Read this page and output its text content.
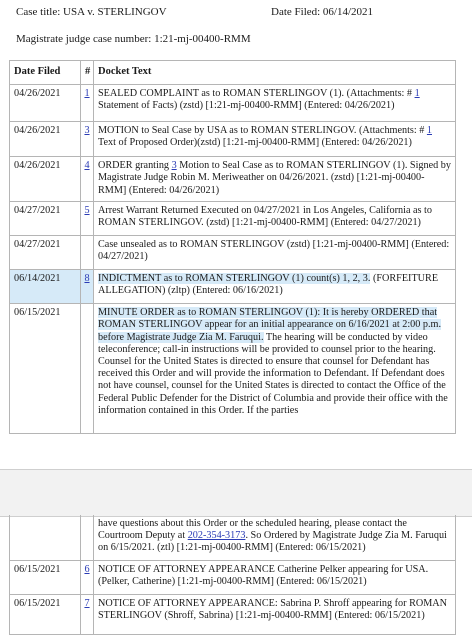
Case title: USA v. STERLINGOV	Date Filed: 06/14/2021
Magistrate judge case number: 1:21-mj-00400-RMM
Date Filed	#	Docket Text
04/26/2021	1	SEALED COMPLAINT as to ROMAN STERLINGOV (1). (Attachments: # 1 Statement of Facts) (zstd) [1:21-mj-00400-RMM] (Entered: 04/26/2021)
04/26/2021	3	MOTION to Seal Case by USA as to ROMAN STERLINGOV. (Attachments: # 1 Text of Proposed Order)(zstd) [1:21-mj-00400-RMM] (Entered: 04/26/2021)
04/26/2021	4	ORDER granting 3 Motion to Seal Case as to ROMAN STERLINGOV (1). Signed by Magistrate Judge Robin M. Meriweather on 04/26/2021. (zstd) [1:21-mj-00400-RMM] (Entered: 04/26/2021)
04/27/2021	5	Arrest Warrant Returned Executed on 04/27/2021 in Los Angeles, California as to ROMAN STERLINGOV. (zstd) [1:21-mj-00400-RMM] (Entered: 04/27/2021)
04/27/2021		Case unsealed as to ROMAN STERLINGOV (zstd) [1:21-mj-00400-RMM] (Entered: 04/27/2021)
06/14/2021	8	INDICTMENT as to ROMAN STERLINGOV (1) count(s) 1, 2, 3. (FORFEITURE ALLEGATION) (zltp) (Entered: 06/16/2021)
06/15/2021		MINUTE ORDER as to ROMAN STERLINGOV (1): It is hereby ORDERED that ROMAN STERLINGOV appear for an initial appearance on 6/16/2021 at 2:00 p.m. before Magistrate Judge Zia M. Faruqui. The hearing will be conducted by video teleconference; call-in instructions will be provided to counsel prior to the hearing. Counsel for the United States is directed to ensure that counsel for Defendant has received this Order and will provide the information to Defendant. If Defendant does not have counsel, counsel for the United States is directed to contact the Office of the Federal Public Defender for the District of Columbia and provide their office with the information contained in this Order. If the parties
		have questions about this Order or the scheduled hearing, please contact the Courtroom Deputy at 202-354-3173. So Ordered by Magistrate Judge Zia M. Faruqui on 6/15/2021. (ztl) [1:21-mj-00400-RMM] (Entered: 06/15/2021)
06/15/2021	6	NOTICE OF ATTORNEY APPEARANCE Catherine Pelker appearing for USA. (Pelker, Catherine) [1:21-mj-00400-RMM] (Entered: 06/15/2021)
06/15/2021	7	NOTICE OF ATTORNEY APPEARANCE: Sabrina P. Shroff appearing for ROMAN STERLINGOV (Shroff, Sabrina) [1:21-mj-00400-RMM] (Entered: 06/15/2021)
